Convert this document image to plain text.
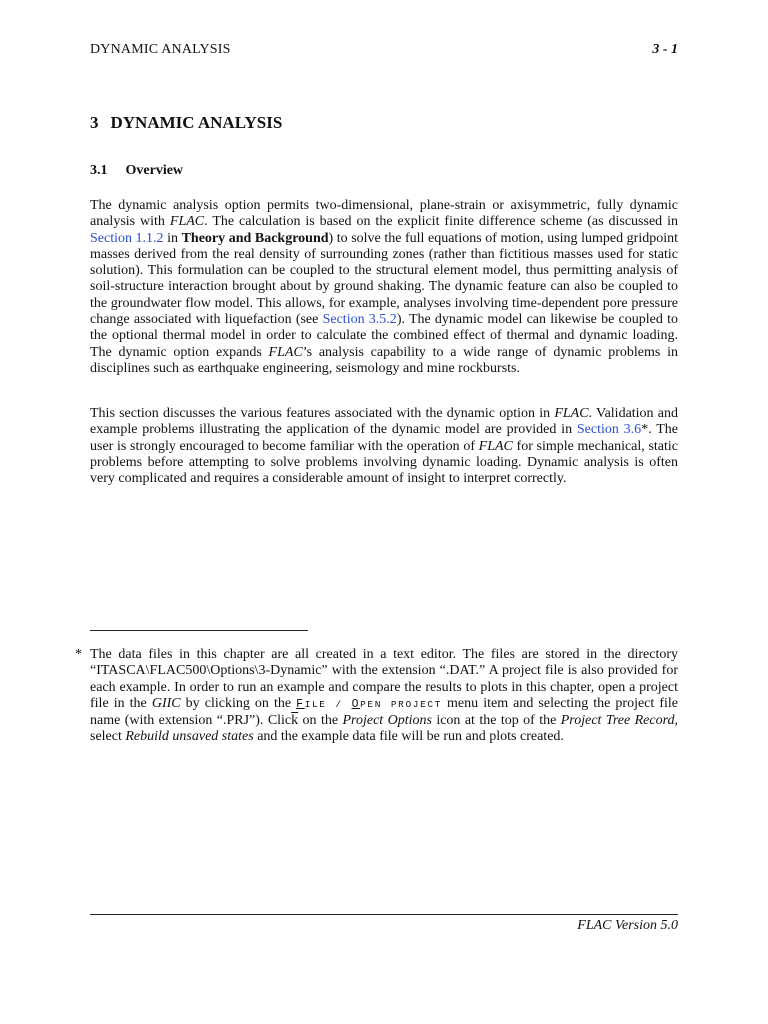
DYNAMIC ANALYSIS	3 - 1
3 DYNAMIC ANALYSIS
3.1 Overview

The dynamic analysis option permits two-dimensional, plane-strain or axisymmetric, fully dynamic analysis with FLAC. The calculation is based on the explicit finite difference scheme (as discussed in Section 1.1.2 in Theory and Background) to solve the full equations of motion, using lumped gridpoint masses derived from the real density of surrounding zones (rather than fictitious masses used for static solution). This formulation can be coupled to the structural element model, thus permitting analysis of soil-structure interaction brought about by ground shaking. The dynamic feature can also be coupled to the groundwater flow model. This allows, for example, analyses involving time-dependent pore pressure change associated with liquefaction (see Section 3.5.2). The dynamic model can likewise be coupled to the optional thermal model in order to calculate the combined effect of thermal and dynamic loading. The dynamic option expands FLAC’s analysis capability to a wide range of dynamic problems in disciplines such as earthquake engineering, seismology and mine rockbursts.

This section discusses the various features associated with the dynamic option in FLAC. Validation and example problems illustrating the application of the dynamic model are provided in Section 3.6*. The user is strongly encouraged to become familiar with the operation of FLAC for simple mechanical, static problems before attempting to solve problems involving dynamic loading. Dynamic analysis is often very complicated and requires a considerable amount of insight to interpret correctly.

* The data files in this chapter are all created in a text editor. The files are stored in the directory “ITASCA\FLAC500\Options\3-Dynamic” with the extension “.DAT.” A project file is also provided for each example. In order to run an example and compare the results to plots in this chapter, open a project file in the GIIC by clicking on the FILE / OPEN PROJECT menu item and selecting the project file name (with extension “.PRJ”). $Clic\overline{k}$ on the Project Options icon at the top of the Project Tree Record, select Rebuild unsaved states and the example data file will be run and plots created.

FLAC Version 5.0
